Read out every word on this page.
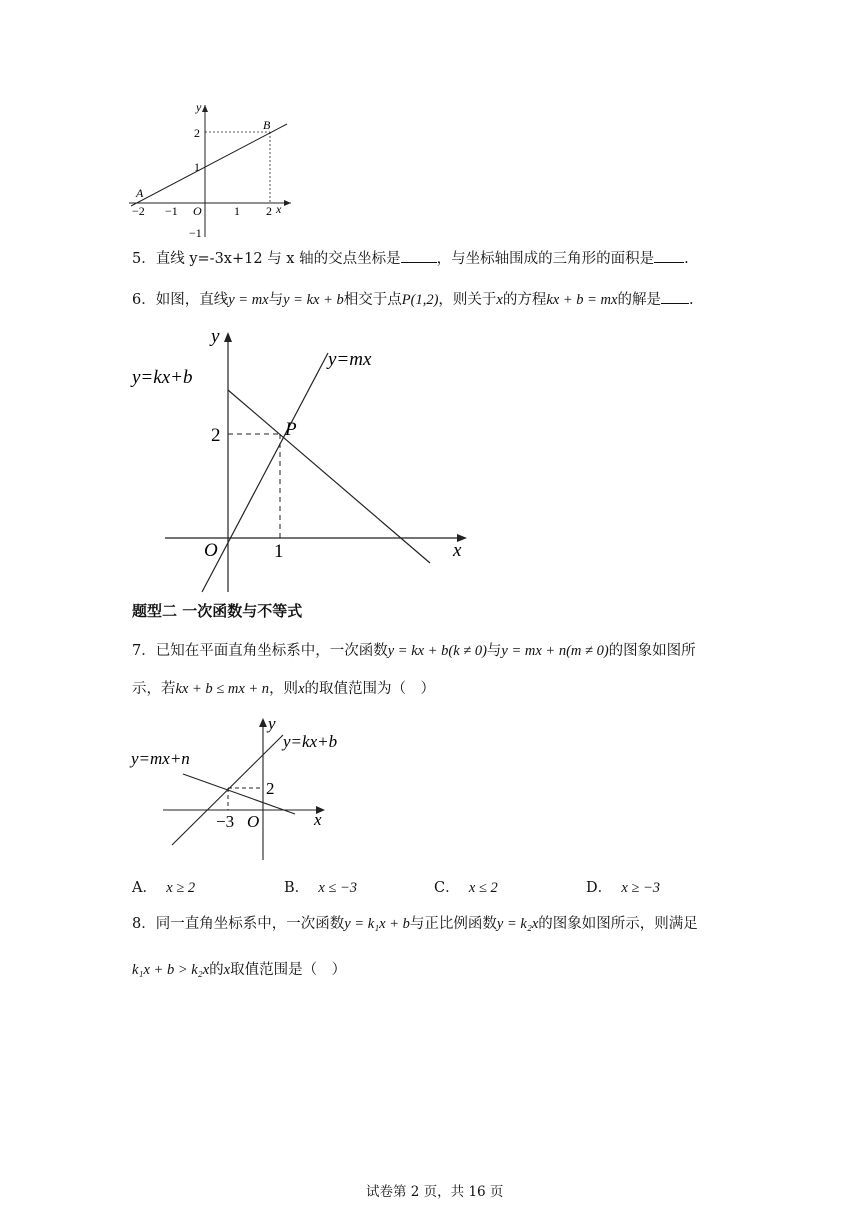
y
x
B
A
O
2
1
−1
−2 −1	1 2
5．直线 y=-3x+12 与 x 轴的交点坐标是 ，与坐标轴围成的三角形的面积是 .
6．如图，直线y = mx与y = kx + b相交于点P(1,2)，则关于x的方程kx + b = mx的解是 .
y
x
O
y=mx
y=kx+b
P
2
1
题型二 一次函数与不等式
7．已知在平面直角坐标系中，一次函数y = kx + b(k ≠ 0)与y = mx + n(m ≠ 0)的图象如图所
示，若kx + b ≤ mx + n，则x的取值范围为（　）
y
x
O
y=kx+b
y=mx+n
2
−3
A． x ≥ 2	B． x ≤ −3	C． x ≤ 2	D． x ≥ −3
8．同一直角坐标系中，一次函数y = k₁x + b与正比例函数y = k₂x的图象如图所示，则满足
k₁x + b > k₂x的x取值范围是（　）
试卷第 2 页，共 16 页
